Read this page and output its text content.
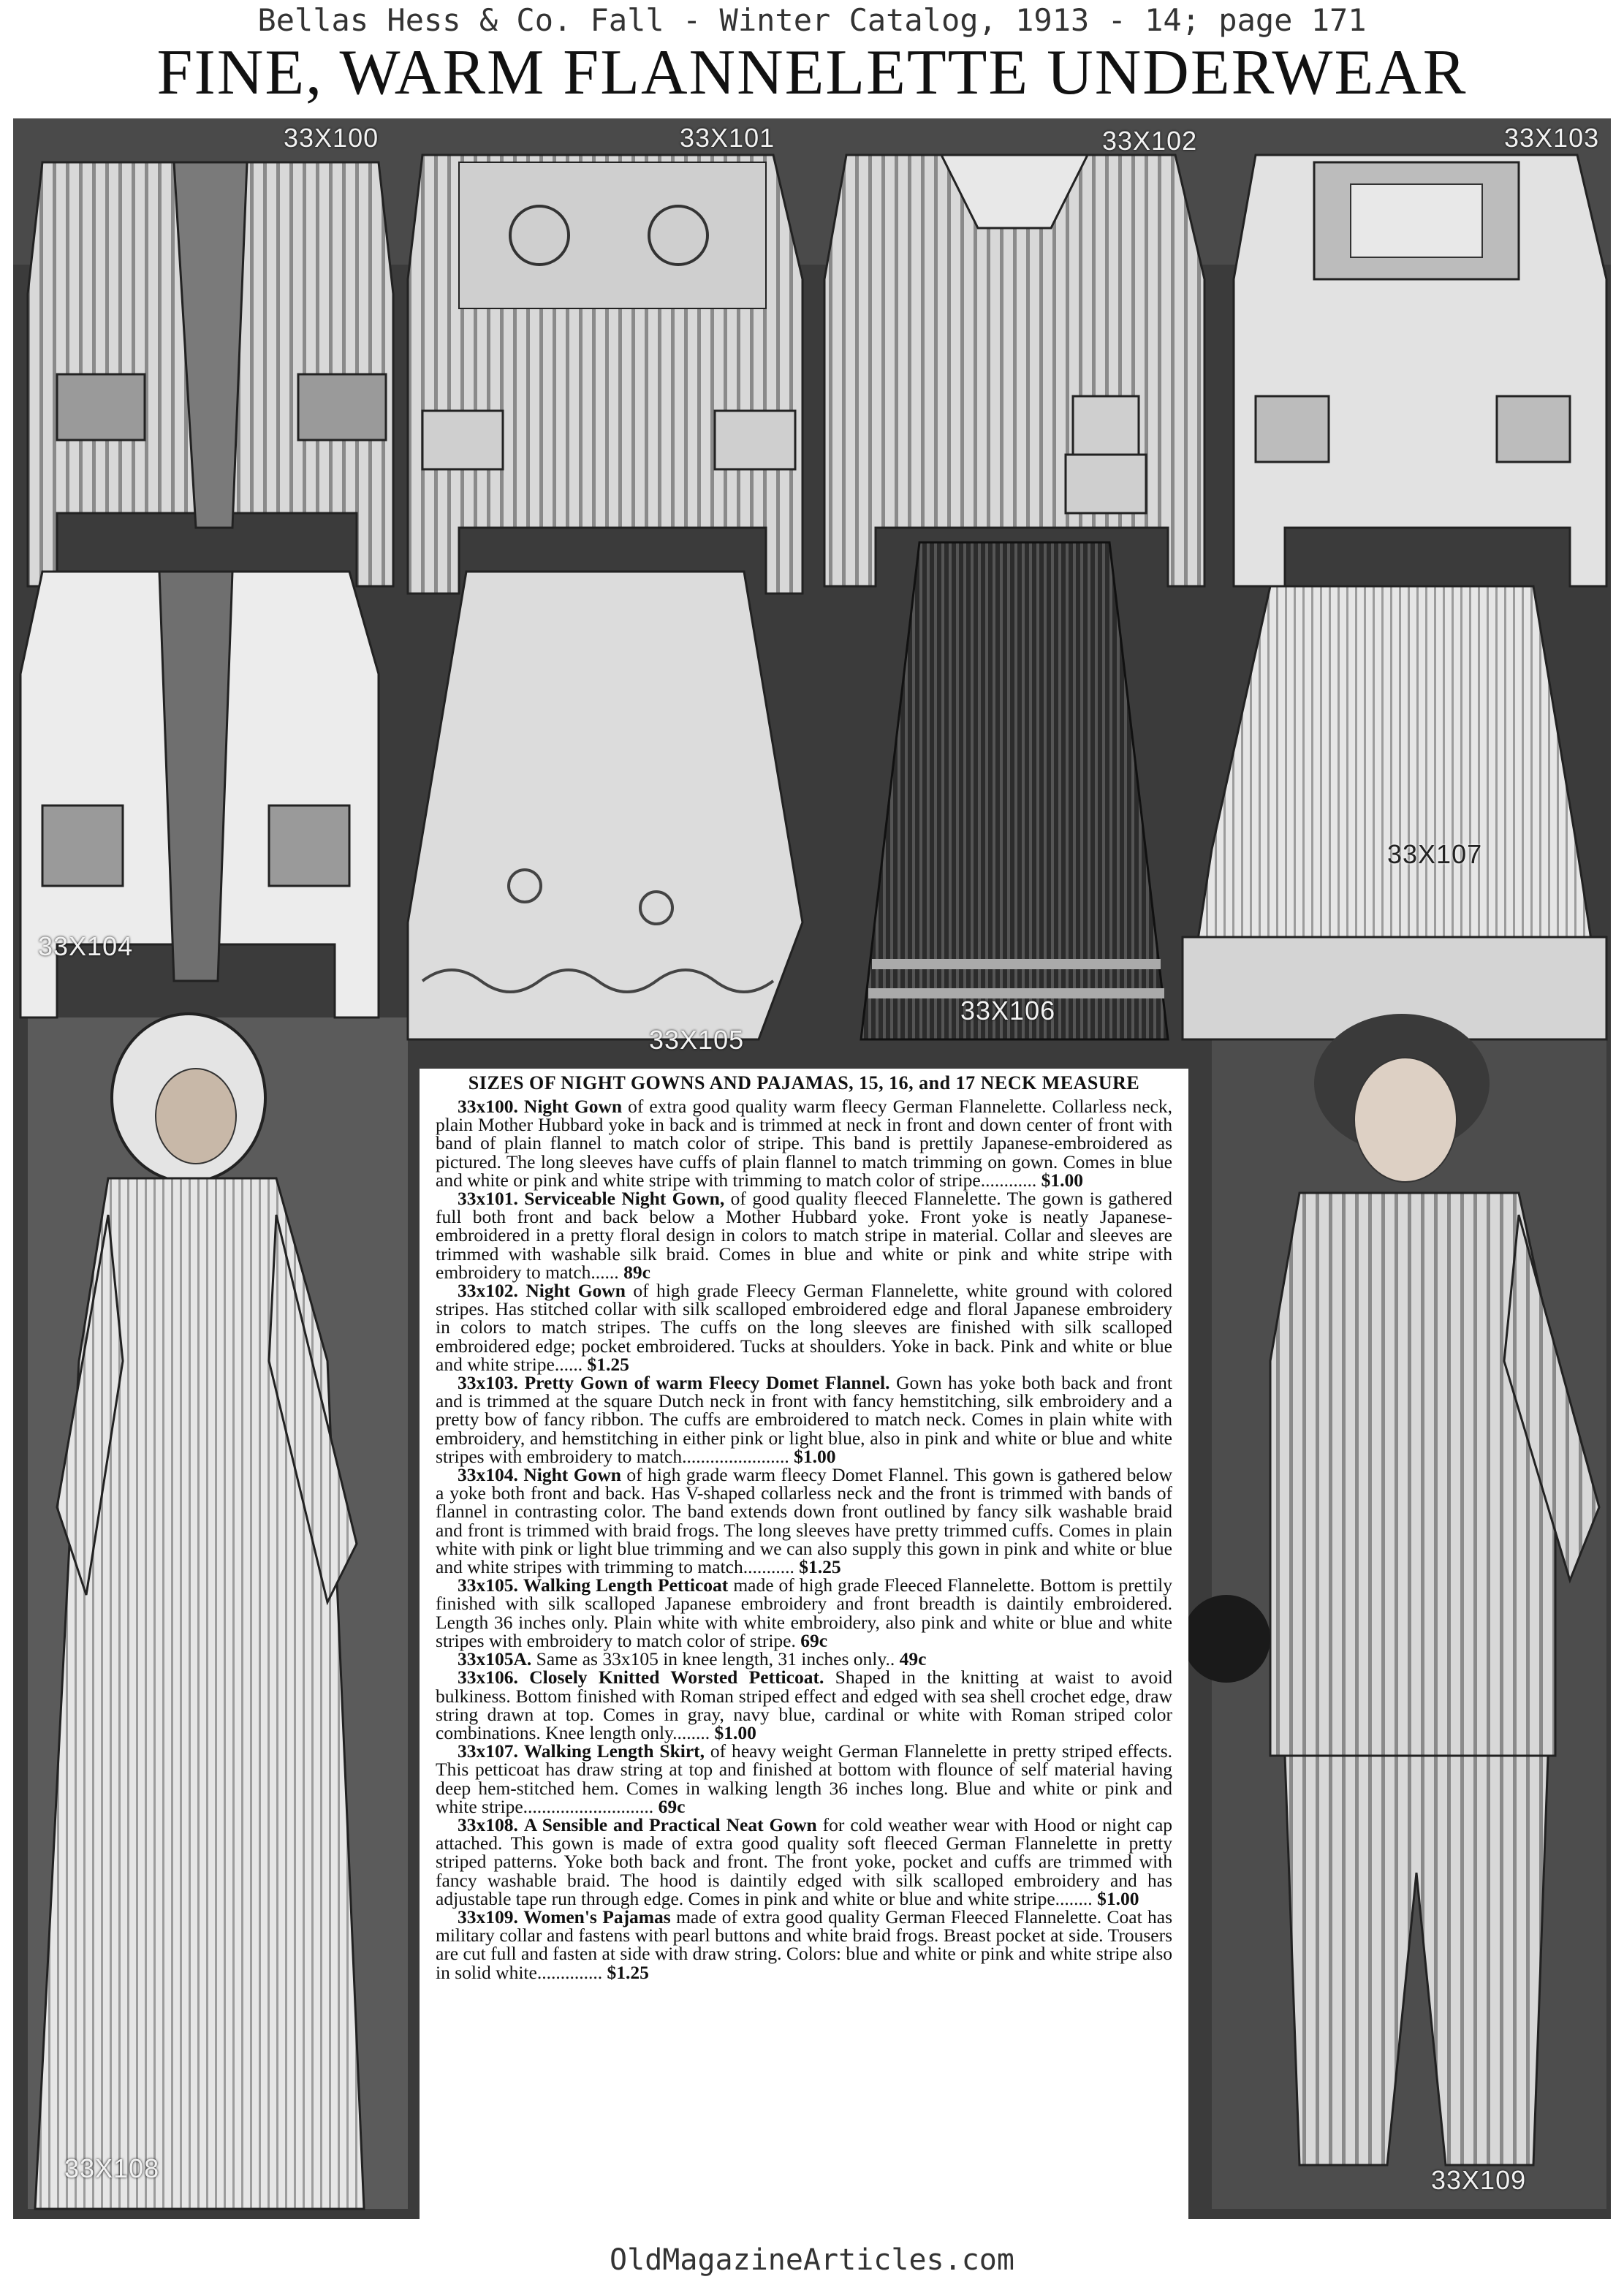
Bellas Hess & Co. Fall - Winter Catalog, 1913 - 14; page 171
FINE, WARM FLANNELETTE UNDERWEAR
33X100	33X101	33X102	33X103
33X104
33X105
33X106
33X107
33X108	33X109
SIZES OF NIGHT GOWNS AND PAJAMAS, 15, 16, and 17 NECK MEASURE

33x100. Night Gown of extra good quality warm fleecy German Flannelette. Collarless neck, plain Mother Hubbard yoke in back and is trimmed at neck in front and down center of front with band of plain flannel to match color of stripe. This band is prettily Japanese-embroidered as pictured. The long sleeves have cuffs of plain flannel to match trimming on gown. Comes in blue and white or pink and white stripe with trimming to match color of stripe............ $1.00

33x101. Serviceable Night Gown, of good quality fleeced Flannelette. The gown is gathered full both front and back below a Mother Hubbard yoke. Front yoke is neatly Japanese-embroidered in a pretty floral design in colors to match stripe in material. Collar and sleeves are trimmed with washable silk braid. Comes in blue and white or pink and white stripe with embroidery to match...... 89c

33x102. Night Gown of high grade Fleecy German Flannelette, white ground with colored stripes. Has stitched collar with silk scalloped embroidered edge and floral Japanese embroidery in colors to match stripes. The cuffs on the long sleeves are finished with silk scalloped embroidered edge; pocket embroidered. Tucks at shoulders. Yoke in back. Pink and white or blue and white stripe...... $1.25

33x103. Pretty Gown of warm Fleecy Domet Flannel. Gown has yoke both back and front and is trimmed at the square Dutch neck in front with fancy hemstitching, silk embroidery and a pretty bow of fancy ribbon. The cuffs are embroidered to match neck. Comes in plain white with embroidery, and hemstitching in either pink or light blue, also in pink and white or blue and white stripes with embroidery to match....................... $1.00

33x104. Night Gown of high grade warm fleecy Domet Flannel. This gown is gathered below a yoke both front and back. Has V-shaped collarless neck and the front is trimmed with bands of flannel in contrasting color. The band extends down front outlined by fancy silk washable braid and front is trimmed with braid frogs. The long sleeves have pretty trimmed cuffs. Comes in plain white with pink or light blue trimming and we can also supply this gown in pink and white or blue and white stripes with trimming to match........... $1.25

33x105. Walking Length Petticoat made of high grade Fleeced Flannelette. Bottom is prettily finished with silk scalloped Japanese embroidery and front breadth is daintily embroidered. Length 36 inches only. Plain white with white embroidery, also pink and white or blue and white stripes with embroidery to match color of stripe. 69c

33x105A. Same as 33x105 in knee length, 31 inches only.. 49c

33x106. Closely Knitted Worsted Petticoat. Shaped in the knitting at waist to avoid bulkiness. Bottom finished with Roman striped effect and edged with sea shell crochet edge, draw string drawn at top. Comes in gray, navy blue, cardinal or white with Roman striped color combinations. Knee length only........ $1.00

33x107. Walking Length Skirt, of heavy weight German Flannelette in pretty striped effects. This petticoat has draw string at top and finished at bottom with flounce of self material having deep hem-stitched hem. Comes in walking length 36 inches long. Blue and white or pink and white stripe............................ 69c

33x108. A Sensible and Practical Neat Gown for cold weather wear with Hood or night cap attached. This gown is made of extra good quality soft fleeced German Flannelette in pretty striped patterns. Yoke both back and front. The front yoke, pocket and cuffs are trimmed with fancy washable braid. The hood is daintily edged with silk scalloped embroidery and has adjustable tape run through edge. Comes in pink and white or blue and white stripe........ $1.00

33x109. Women's Pajamas made of extra good quality German Fleeced Flannelette. Coat has military collar and fastens with pearl buttons and white braid frogs. Breast pocket at side. Trousers are cut full and fasten at side with draw string. Colors: blue and white or pink and white stripe also in solid white.............. $1.25

OldMagazineArticles.com
